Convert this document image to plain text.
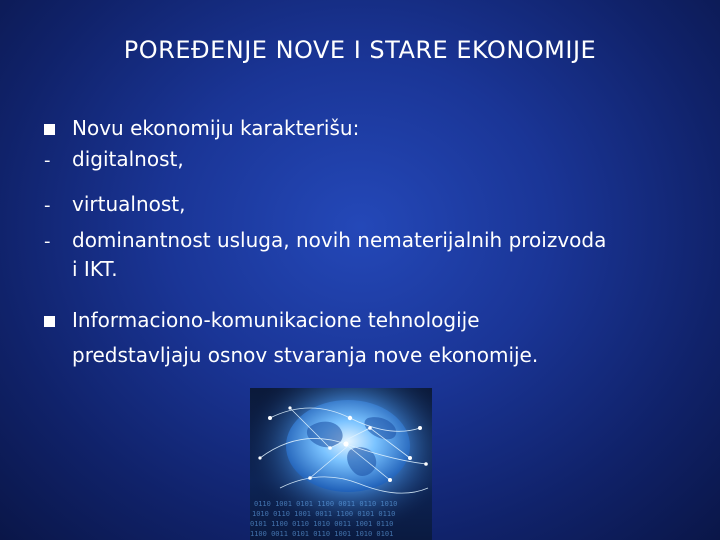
POREĐENJE NOVE I STARE EKONOMIJE
Novu ekonomiju karakterišu:
-	digitalnost,
-	virtualnost,
-	dominantnost usluga, novih nematerijalnih proizvoda
i IKT.
Informaciono-komunikacione tehnologije
predstavljaju osnov stvaranja nove ekonomije.
0110 1001 0101 1100 0011 0110 1010
1010 0110 1001 0011 1100 0101 0110
0101 1100 0110 1010 0011 1001 0110
1100 0011 0101 0110 1001 1010 0101
